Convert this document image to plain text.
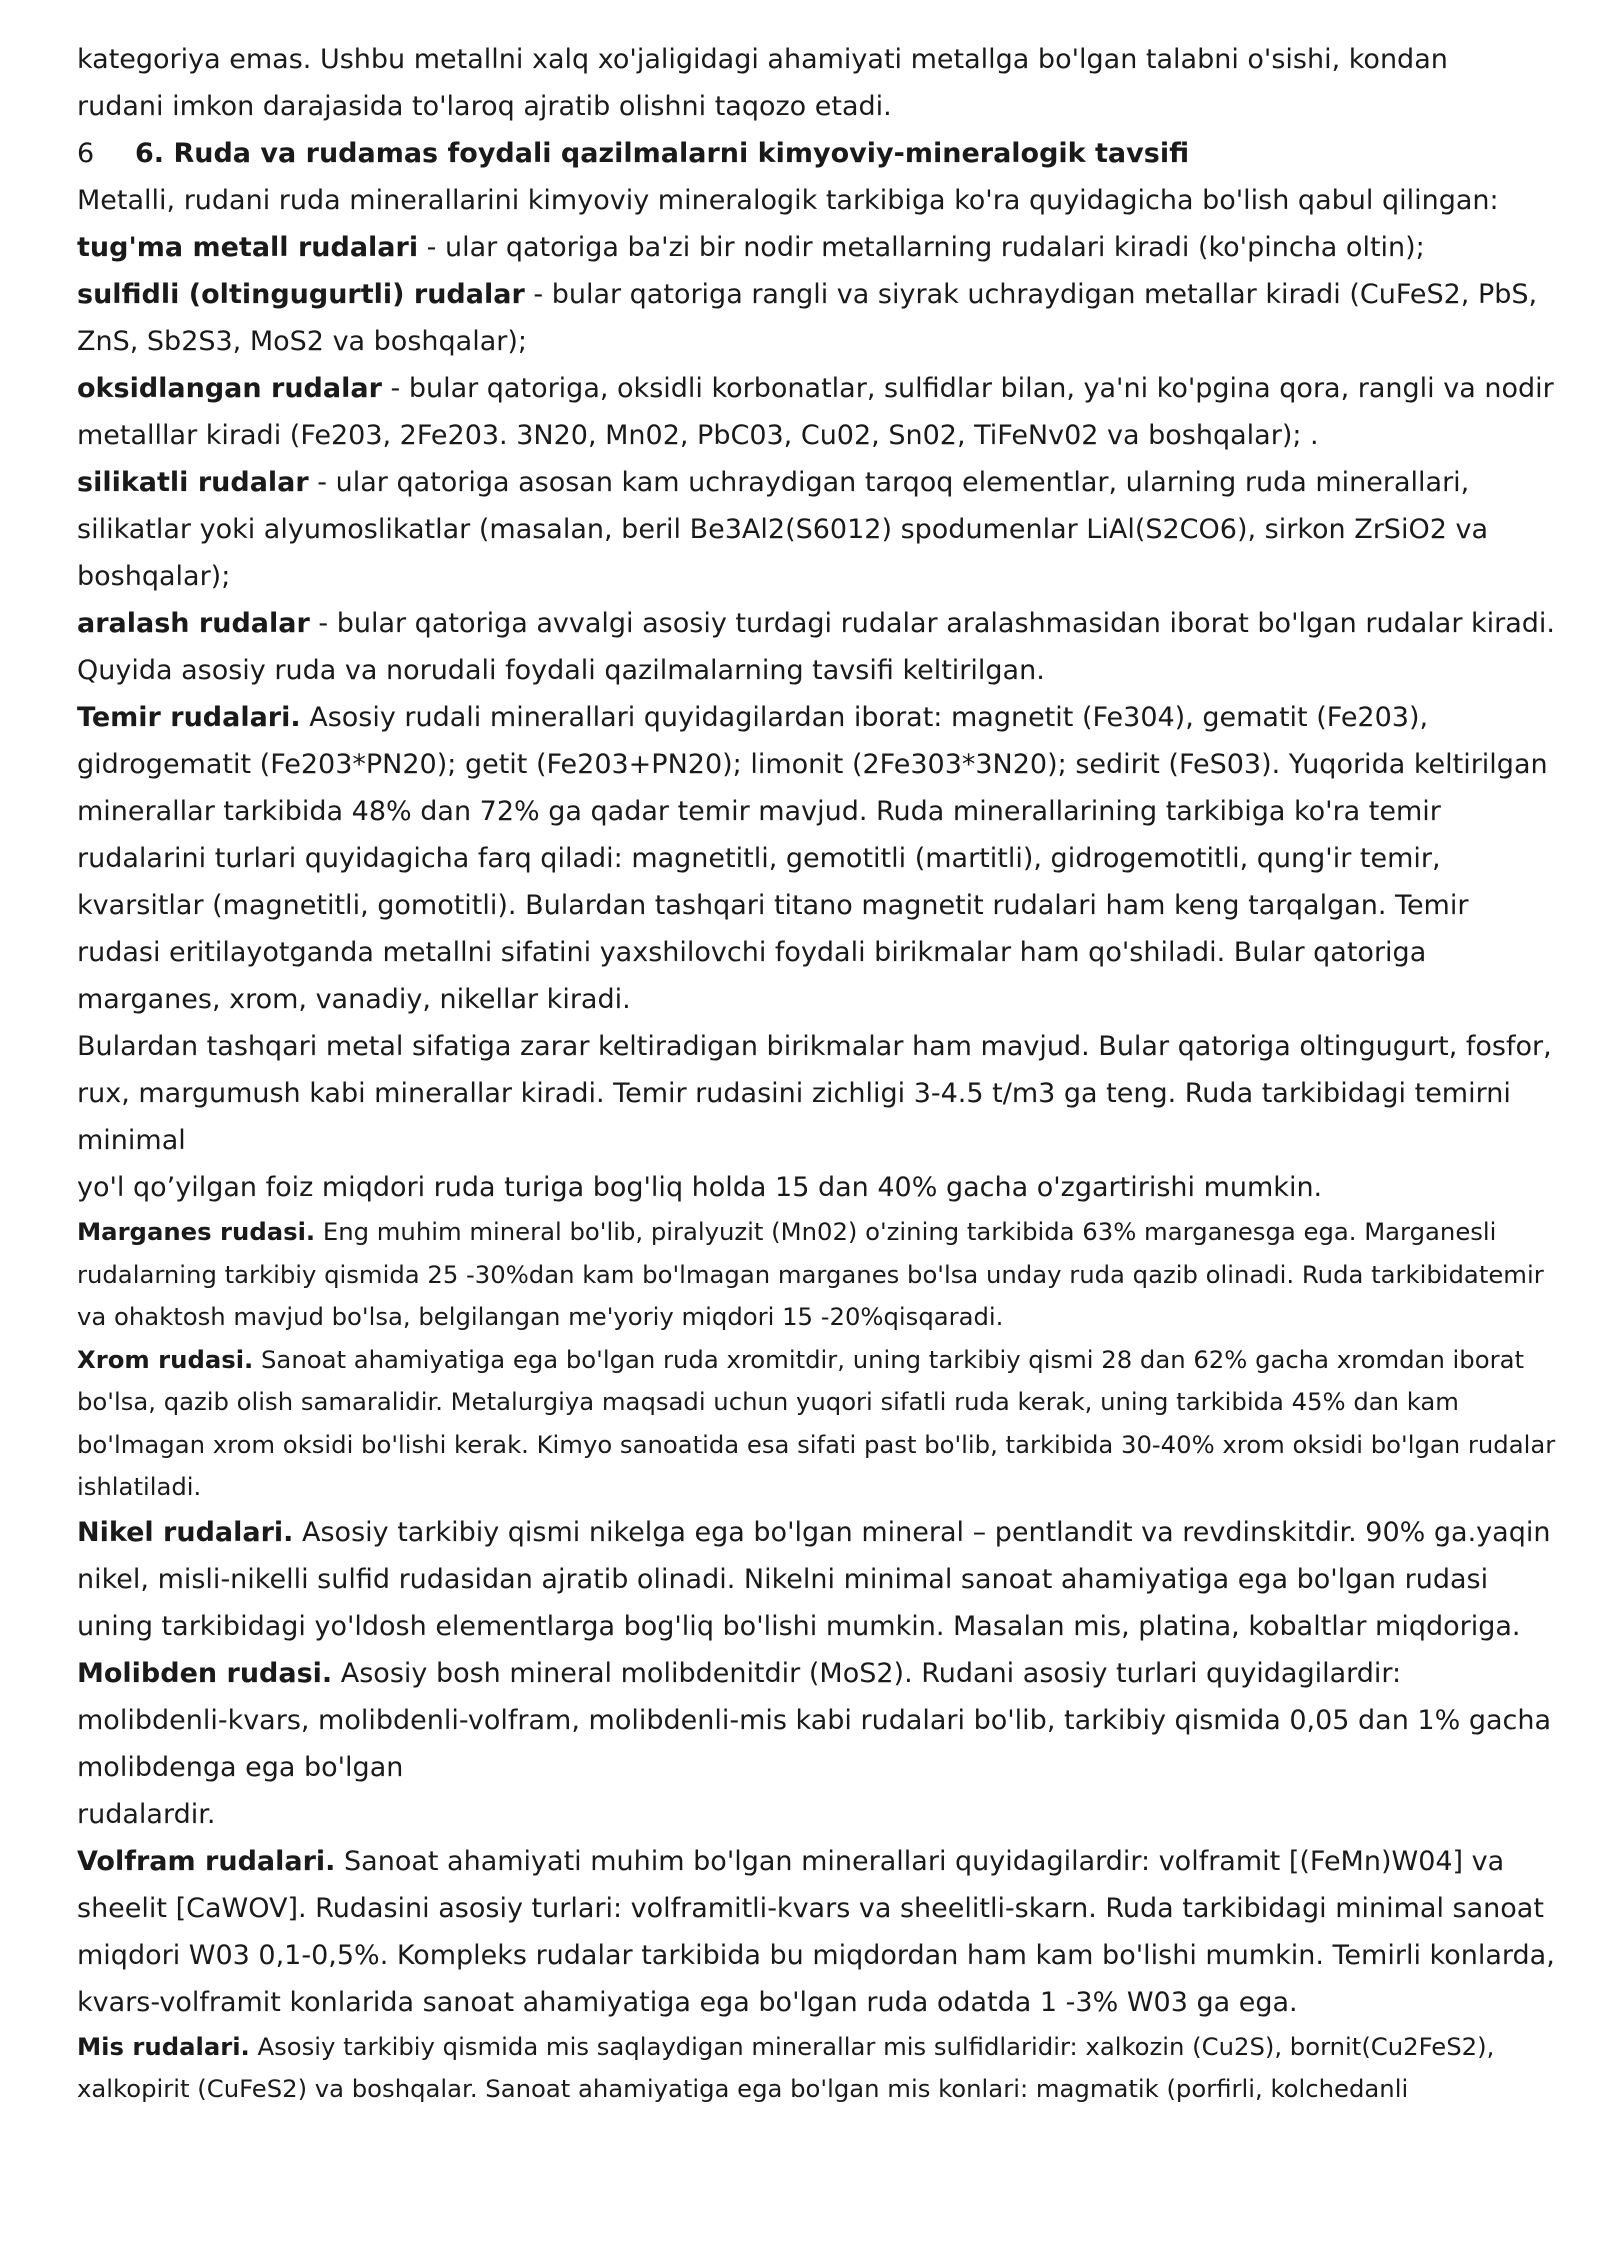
kategoriya emas. Ushbu metallni xalq xo'jaligidagi ahamiyati metallga bo'lgan talabni o'sishi, kondan
rudani imkon darajasida to'laroq ajratib olishni taqozo etadi.

6	6. Ruda va rudamas foydali qazilmalarni kimyoviy-mineralogik tavsifi

Metalli, rudani ruda minerallarini kimyoviy mineralogik tarkibiga ko'ra quyidagicha bo'lish qabul qilingan:

tug'ma metall rudalari - ular qatoriga ba'zi bir nodir metallarning rudalari kiradi (ko'pincha oltin);

sulfidli (oltingugurtli) rudalar - bular qatoriga rangli va siyrak uchraydigan metallar kiradi (CuFeS2, PbS, ZnS, Sb2S3, MoS2 va boshqalar);

oksidlangan rudalar - bular qatoriga, oksidli korbonatlar, sulfidlar bilan, ya'ni ko'pgina qora, rangli va nodir metalllar kiradi (Fe203, 2Fe203. 3N20, Mn02, PbC03, Cu02, Sn02, TiFeNv02 va boshqalar); .

silikatli rudalar - ular qatoriga asosan kam uchraydigan tarqoq elementlar, ularning ruda minerallari, silikatlar yoki alyumoslikatlar (masalan, beril Be3Al2(S6012) spodumenlar LiAl(S2CO6), sirkon ZrSiO2 va boshqalar);

aralash rudalar - bular qatoriga avvalgi asosiy turdagi rudalar aralashmasidan iborat bo'lgan rudalar kiradi.

Quyida asosiy ruda va norudali foydali qazilmalarning tavsifi keltirilgan.

Temir rudalari. Asosiy rudali minerallari quyidagilardan iborat: magnetit (Fe304), gematit (Fe203), gidrogematit (Fe203*PN20); getit (Fe203+PN20); limonit (2Fe303*3N20); sedirit (FeS03). Yuqorida keltirilgan minerallar tarkibida 48% dan 72% ga qadar temir mavjud. Ruda minerallarining tarkibiga ko'ra temir rudalarini turlari quyidagicha farq qiladi: magnetitli, gemotitli (martitli), gidrogemotitli, qung'ir temir, kvarsitlar (magnetitli, gomotitli). Bulardan tashqari titano magnetit rudalari ham keng tarqalgan. Temir rudasi eritilayotganda metallni sifatini yaxshilovchi foydali birikmalar ham qo'shiladi. Bular qatoriga marganes, xrom, vanadiy, nikellar kiradi.

Bulardan tashqari metal sifatiga zarar keltiradigan birikmalar ham mavjud. Bular qatoriga oltingugurt, fosfor, rux, margumush kabi minerallar kiradi. Temir rudasini zichligi 3-4.5 t/m3 ga teng. Ruda tarkibidagi temirni minimal

yo'l qo’yilgan foiz miqdori ruda turiga bog'liq holda 15 dan 40% gacha o'zgartirishi mumkin.

Marganes rudasi. Eng muhim mineral bo'lib, piralyuzit (Mn02) o'zining tarkibida 63% marganesga ega. Marganesli rudalarning tarkibiy qismida 25 -30%dan kam bo'lmagan marganes bo'lsa unday ruda qazib olinadi. Ruda tarkibidatemir va ohaktosh mavjud bo'lsa, belgilangan me'yoriy miqdori 15 -20%qisqaradi.

Xrom rudasi. Sanoat ahamiyatiga ega bo'lgan ruda xromitdir, uning tarkibiy qismi 28 dan 62% gacha xromdan iborat bo'lsa, qazib olish samaralidir. Metalurgiya maqsadi uchun yuqori sifatli ruda kerak, uning tarkibida 45% dan kam bo'lmagan xrom oksidi bo'lishi kerak. Kimyo sanoatida esa sifati past bo'lib, tarkibida 30-40% xrom oksidi bo'lgan rudalar ishlatiladi.

Nikel rudalari. Asosiy tarkibiy qismi nikelga ega bo'lgan mineral – pentlandit va revdinskitdir. 90% ga.yaqin nikel, misli-nikelli sulfid rudasidan ajratib olinadi. Nikelni minimal sanoat ahamiyatiga ega bo'lgan rudasi uning tarkibidagi yo'ldosh elementlarga bog'liq bo'lishi mumkin. Masalan mis, platina, kobaltlar miqdoriga.

Molibden rudasi. Asosiy bosh mineral molibdenitdir (MoS2). Rudani asosiy turlari quyidagilardir: molibdenli-kvars, molibdenli-volfram, molibdenli-mis kabi rudalari bo'lib, tarkibiy qismida 0,05 dan 1% gacha molibdenga ega bo'lgan

rudalardir.

Volfram rudalari. Sanoat ahamiyati muhim bo'lgan minerallari quyidagilardir: volframit [(FeMn)W04] va sheelit [CaWOV]. Rudasini asosiy turlari: volframitli-kvars va sheelitli-skarn. Ruda tarkibidagi minimal sanoat miqdori W03 0,1-0,5%. Kompleks rudalar tarkibida bu miqdordan ham kam bo'lishi mumkin. Temirli konlarda, kvars-volframit konlarida sanoat ahamiyatiga ega bo'lgan ruda odatda 1 -3% W03 ga ega.

Mis rudalari. Asosiy tarkibiy qismida mis saqlaydigan minerallar mis sulfidlaridir: xalkozin (Cu2S), bornit(Cu2FeS2), xalkopirit (CuFeS2) va boshqalar. Sanoat ahamiyatiga ega bo'lgan mis konlari: magmatik (porfirli, kolchedanli
